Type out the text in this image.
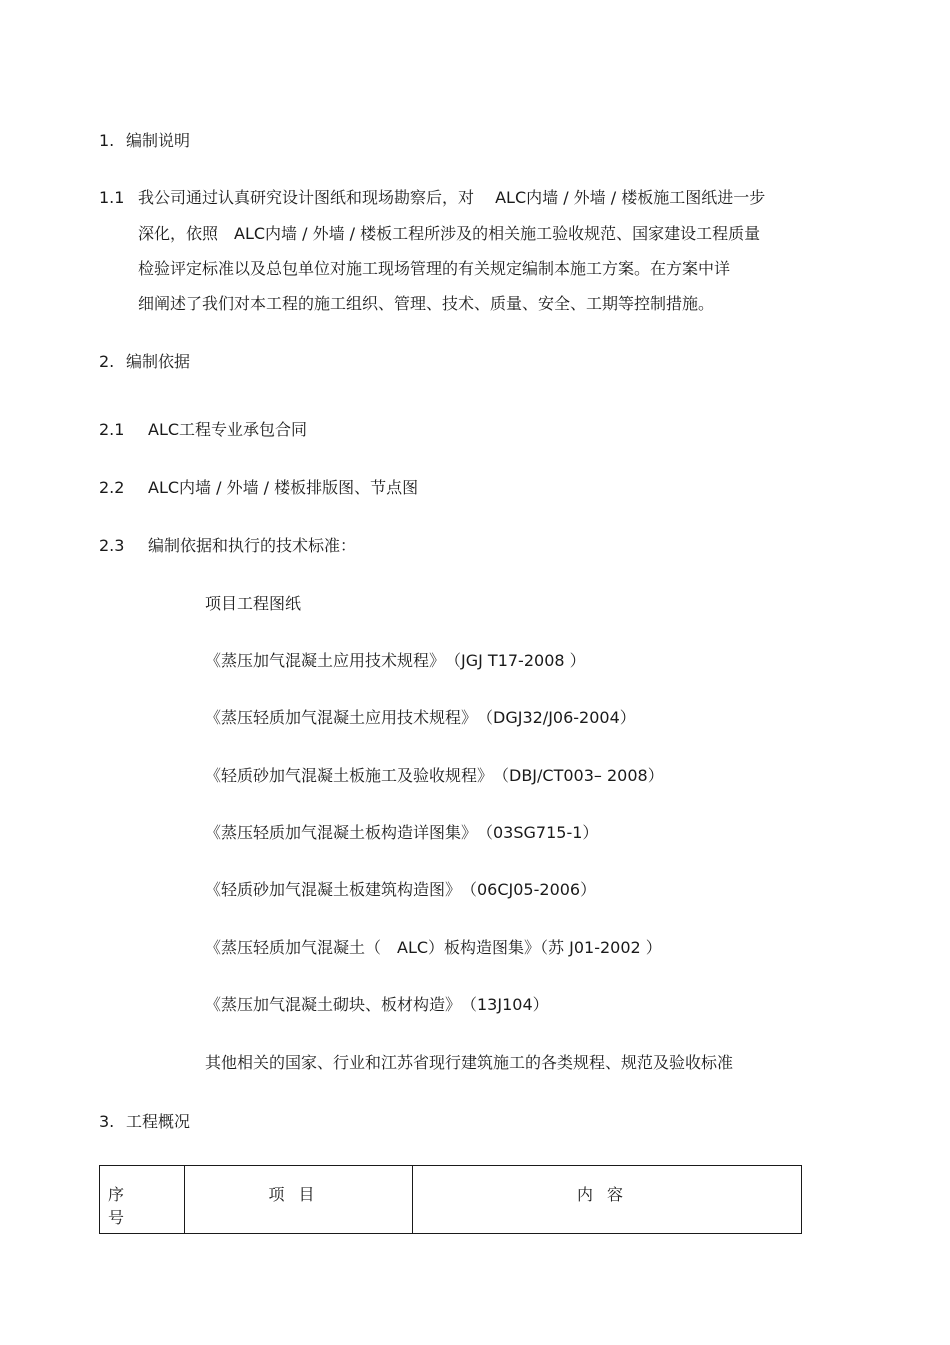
1. 编制说明
1.1 我公司通过认真研究设计图纸和现场勘察后，对　 ALC内墙 / 外墙 / 楼板施工图纸进一步
深化，依照　ALC内墙 / 外墙 / 楼板工程所涉及的相关施工验收规范、国家建设工程质量
检验评定标准以及总包单位对施工现场管理的有关规定编制本施工方案。在方案中详
细阐述了我们对本工程的施工组织、管理、技术、质量、安全、工期等控制措施。
2. 编制依据
2.1 ALC工程专业承包合同
2.2 ALC内墙 / 外墙 / 楼板排版图、节点图
2.3 编制依据和执行的技术标准：
项目工程图纸
《蒸压加气混凝土应用技术规程》　（JGJ T17-2008 ）
《蒸压轻质加气混凝土应用技术规程》　（DGJ32/J06-2004）
《轻质砂加气混凝土板施工及验收规程》　（DBJ/CT003– 2008）
《蒸压轻质加气混凝土板构造详图集》　（03SG715-1）
《轻质砂加气混凝土板建筑构造图》　（06CJ05-2006）
《蒸压轻质加气混凝土（　ALC）板构造图集》（苏 J01-2002 ）
《蒸压加气混凝土砌块、板材构造》　（13J104）
其他相关的国家、行业和江苏省现行建筑施工的各类规程、规范及验收标准
3. 工程概况
序号	项目	内容
